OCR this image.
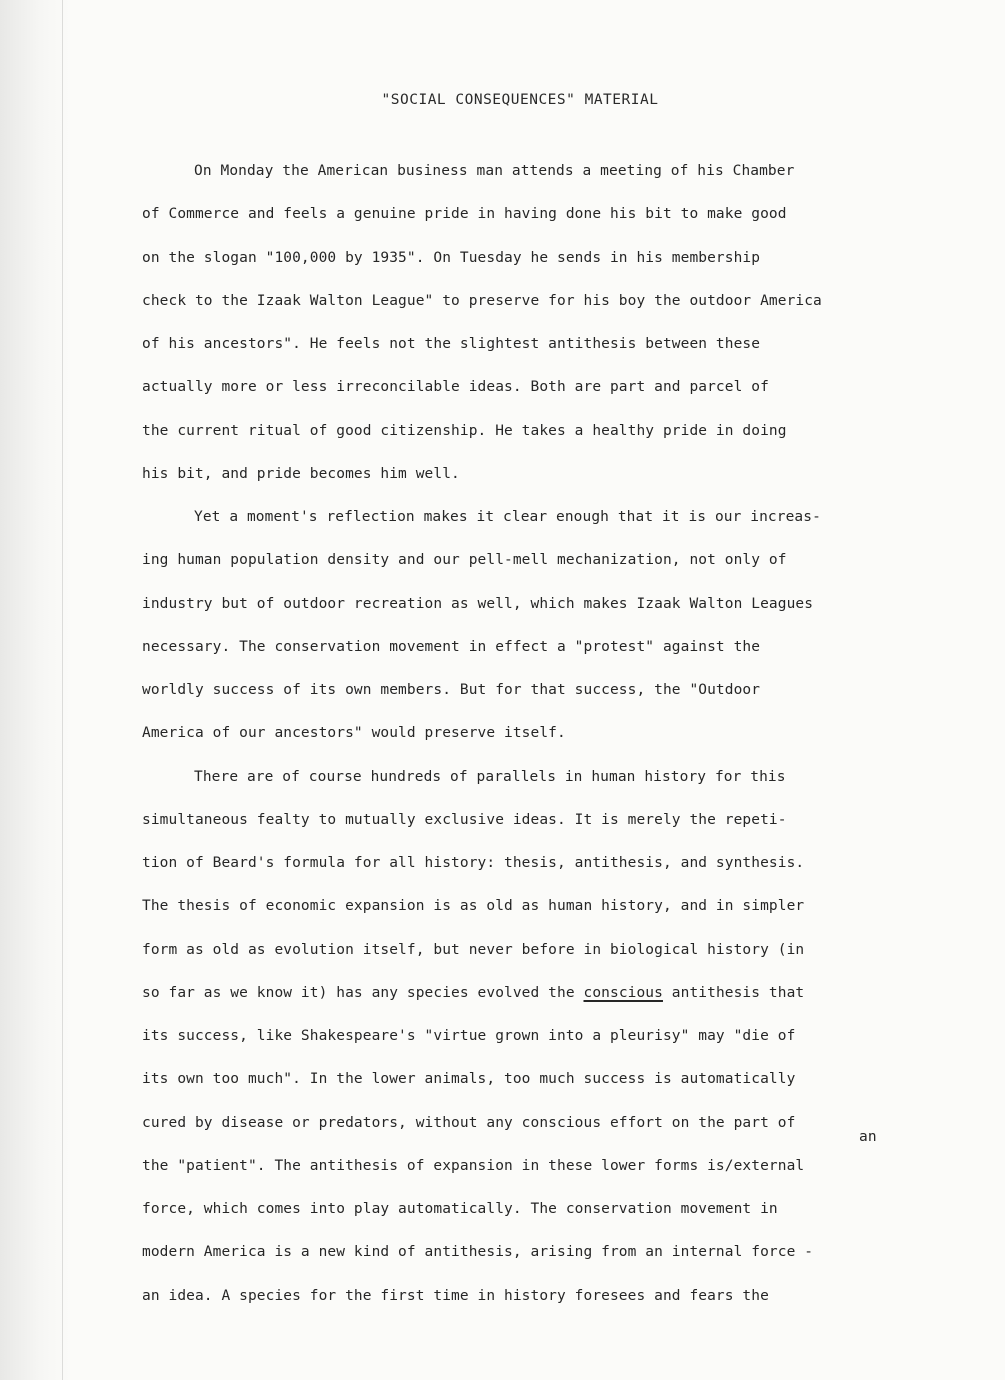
"SOCIAL CONSEQUENCES" MATERIAL
On Monday the American business man attends a meeting of his Chamber
of Commerce and feels a genuine pride in having done his bit to make good
on the slogan "100,000 by 1935". On Tuesday he sends in his membership
check to the Izaak Walton League" to preserve for his boy the outdoor America
of his ancestors". He feels not the slightest antithesis between these
actually more or less irreconcilable ideas. Both are part and parcel of
the current ritual of good citizenship. He takes a healthy pride in doing
his bit, and pride becomes him well.
Yet a moment's reflection makes it clear enough that it is our increas-
ing human population density and our pell-mell mechanization, not only of
industry but of outdoor recreation as well, which makes Izaak Walton Leagues
necessary. The conservation movement in effect a "protest" against the
worldly success of its own members. But for that success, the "Outdoor
America of our ancestors" would preserve itself.
There are of course hundreds of parallels in human history for this
simultaneous fealty to mutually exclusive ideas. It is merely the repeti-
tion of Beard's formula for all history: thesis, antithesis, and synthesis.
The thesis of economic expansion is as old as human history, and in simpler
form as old as evolution itself, but never before in biological history (in
so far as we know it) has any species evolved the conscious antithesis that
its success, like Shakespeare's "virtue grown into a pleurisy" may "die of
its own too much". In the lower animals, too much success is automatically
cured by disease or predators, without any conscious effort on the part of
an
the "patient". The antithesis of expansion in these lower forms is/external
force, which comes into play automatically. The conservation movement in
modern America is a new kind of antithesis, arising from an internal force -
an idea. A species for the first time in history foresees and fears the
